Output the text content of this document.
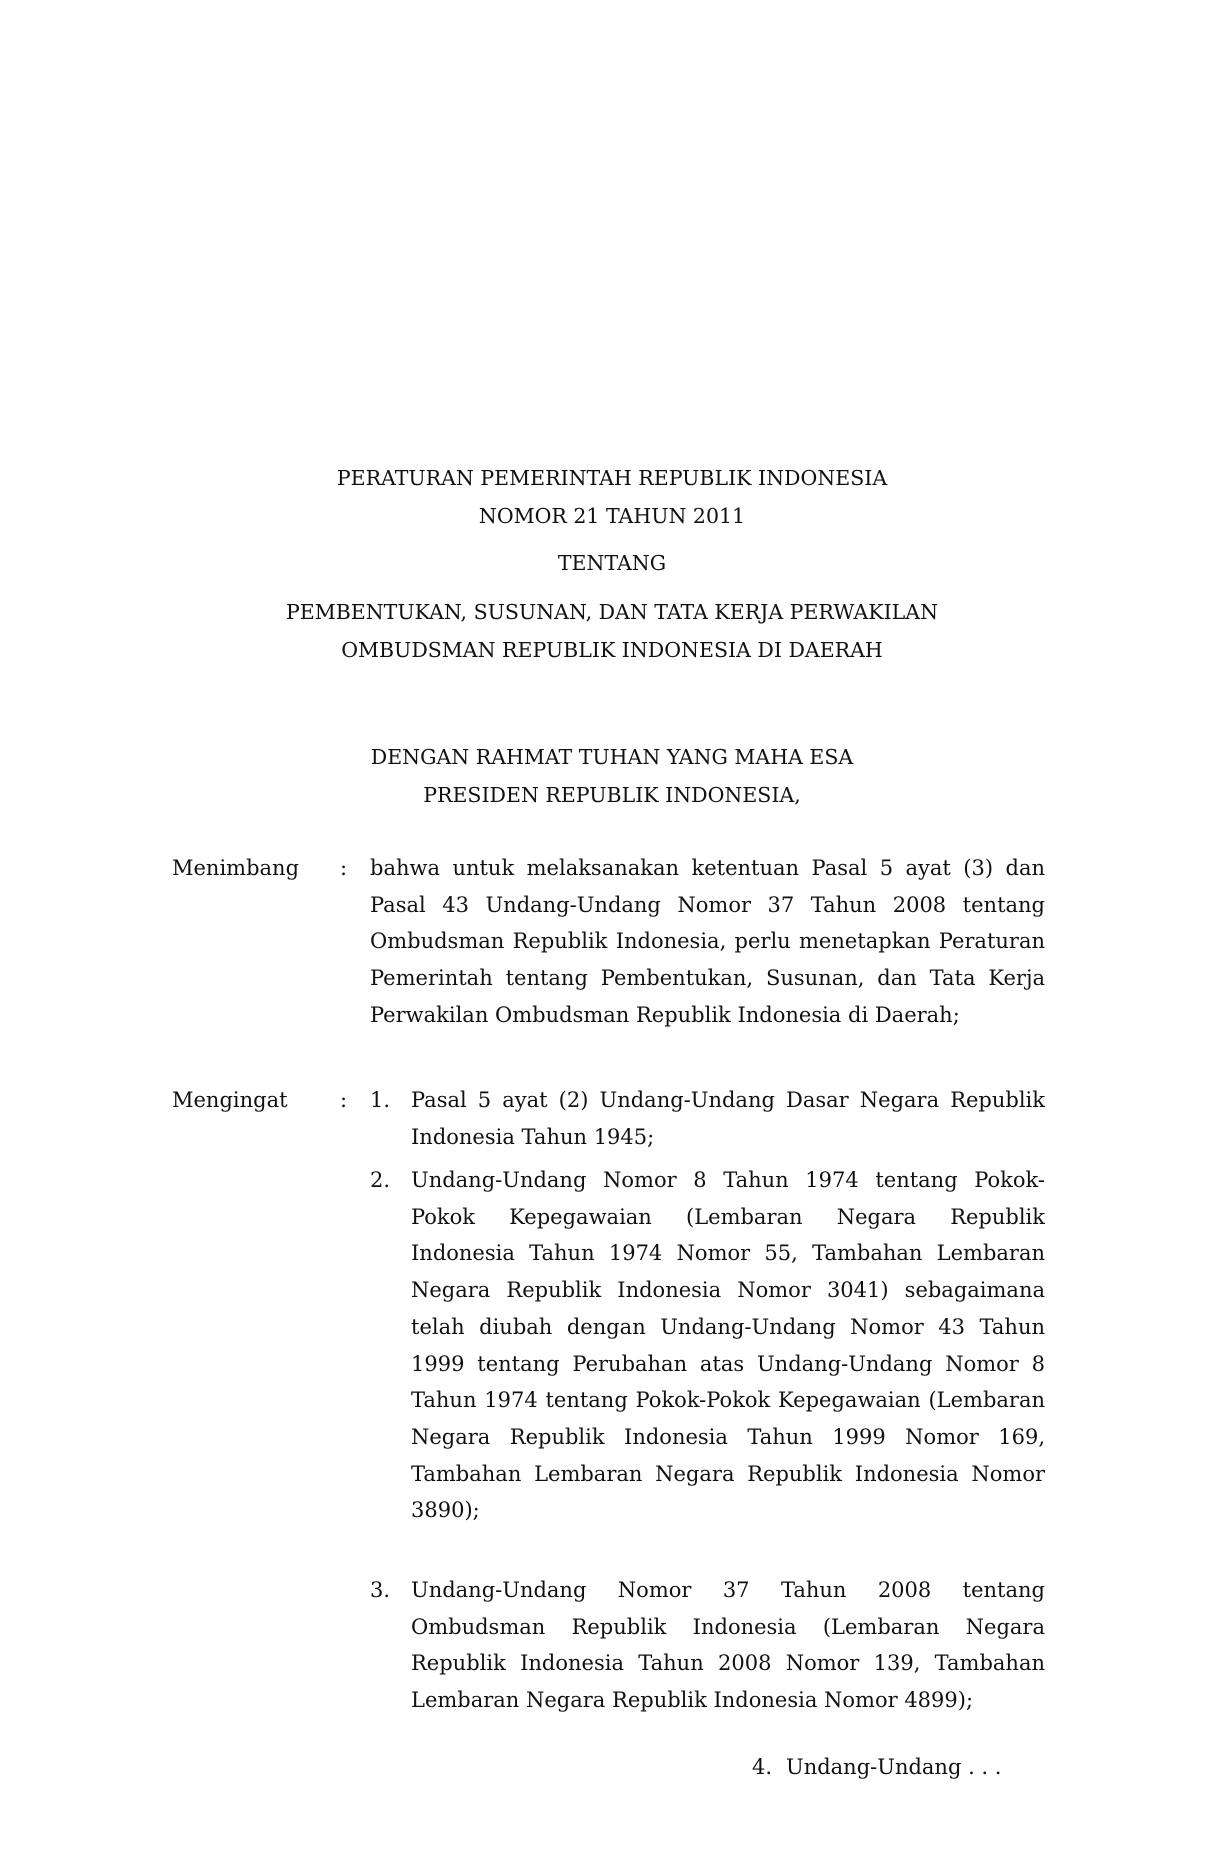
PERATURAN PEMERINTAH REPUBLIK INDONESIA
NOMOR 21 TAHUN 2011
TENTANG
PEMBENTUKAN, SUSUNAN, DAN TATA KERJA PERWAKILAN
OMBUDSMAN REPUBLIK INDONESIA DI DAERAH
DENGAN RAHMAT TUHAN YANG MAHA ESA
PRESIDEN REPUBLIK INDONESIA,
Menimbang : bahwa untuk melaksanakan ketentuan Pasal 5 ayat (3) dan Pasal 43 Undang-Undang Nomor 37 Tahun 2008 tentang Ombudsman Republik Indonesia, perlu menetapkan Peraturan Pemerintah tentang Pembentukan, Susunan, dan Tata Kerja Perwakilan Ombudsman Republik Indonesia di Daerah;
Mengingat : 1. Pasal 5 ayat (2) Undang-Undang Dasar Negara Republik Indonesia Tahun 1945;
2. Undang-Undang Nomor 8 Tahun 1974 tentang Pokok-Pokok Kepegawaian (Lembaran Negara Republik Indonesia Tahun 1974 Nomor 55, Tambahan Lembaran Negara Republik Indonesia Nomor 3041) sebagaimana telah diubah dengan Undang-Undang Nomor 43 Tahun 1999 tentang Perubahan atas Undang-Undang Nomor 8 Tahun 1974 tentang Pokok-Pokok Kepegawaian (Lembaran Negara Republik Indonesia Tahun 1999 Nomor 169, Tambahan Lembaran Negara Republik Indonesia Nomor 3890);
3. Undang-Undang Nomor 37 Tahun 2008 tentang Ombudsman Republik Indonesia (Lembaran Negara Republik Indonesia Tahun 2008 Nomor 139, Tambahan Lembaran Negara Republik Indonesia Nomor 4899);
4. Undang-Undang . . .
